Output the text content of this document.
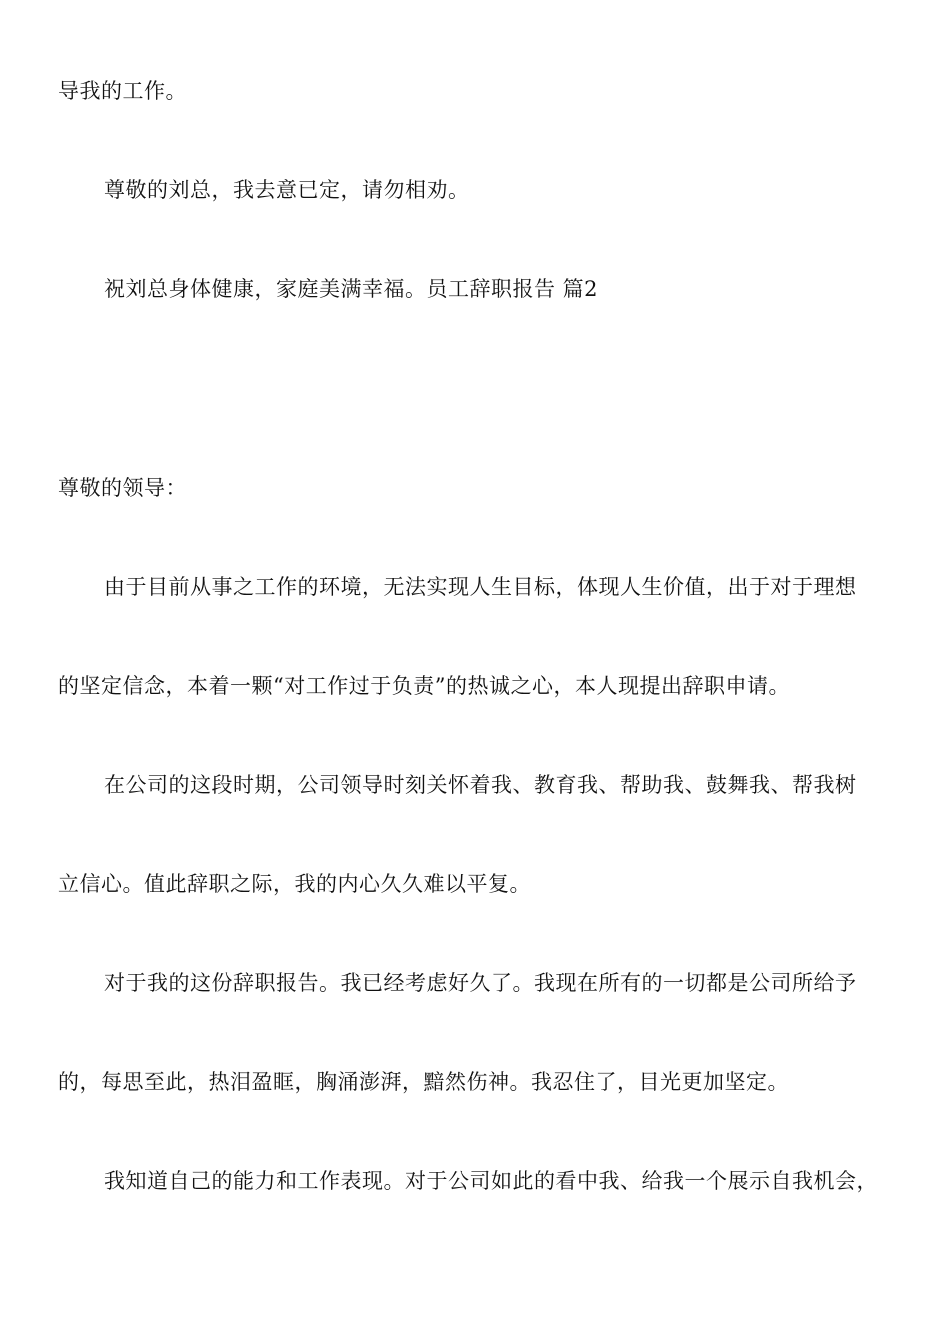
导我的工作。
尊敬的刘总，我去意已定，请勿相劝。
祝刘总身体健康，家庭美满幸福。员工辞职报告 篇2
尊敬的领导：
由于目前从事之工作的环境，无法实现人生目标，体现人生价值，出于对于理想
的坚定信念，本着一颗“对工作过于负责”的热诚之心，本人现提出辞职申请。
在公司的这段时期，公司领导时刻关怀着我、教育我、帮助我、鼓舞我、帮我树
立信心。值此辞职之际，我的内心久久难以平复。
对于我的这份辞职报告。我已经考虑好久了。我现在所有的一切都是公司所给予
的，每思至此，热泪盈眶，胸涌澎湃，黯然伤神。我忍住了，目光更加坚定。
我知道自己的能力和工作表现。对于公司如此的看中我、给我一个展示自我机会，
